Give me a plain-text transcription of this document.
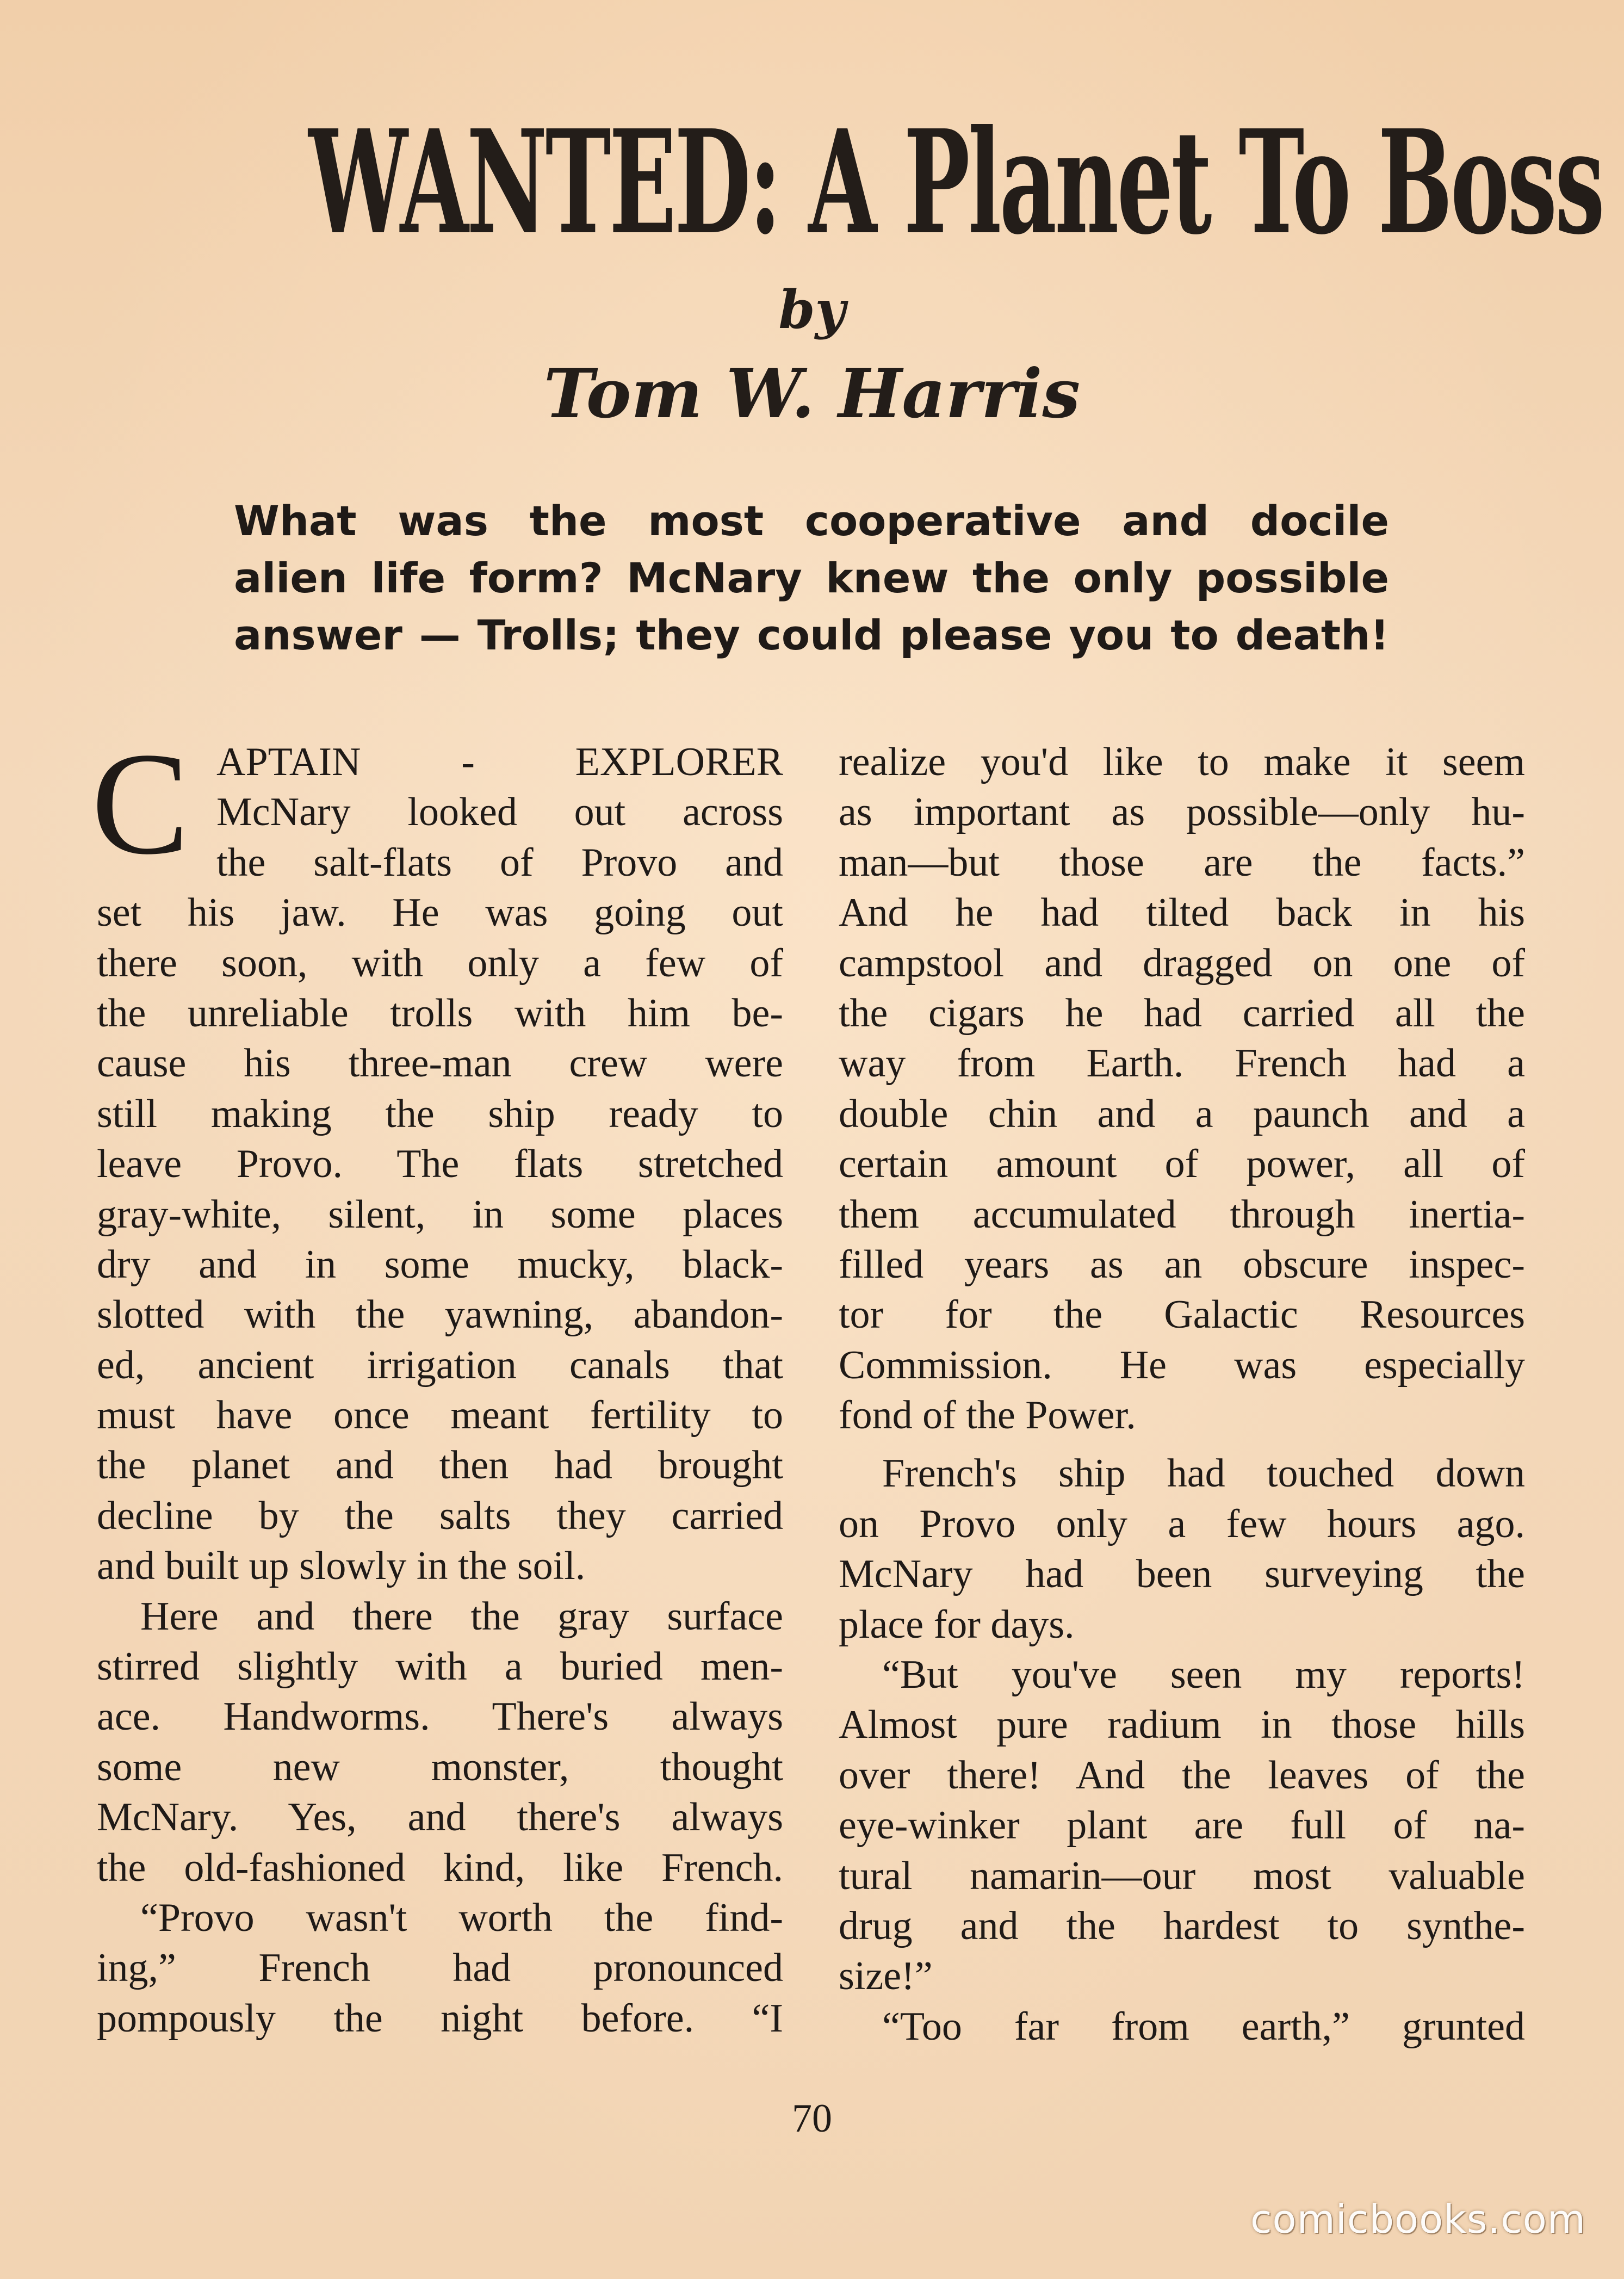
WANTED: A Planet To Boss
by
Tom W. Harris
What was the most cooperative and docile
alien life form? McNary knew the only possible
answer — Trolls; they could please you to death!
C APTAIN - EXPLORER
McNary looked out across
the salt-flats of Provo and
set his jaw. He was going out
there soon, with only a few of
the unreliable trolls with him be-
cause his three-man crew were
still making the ship ready to
leave Provo. The flats stretched
gray-white, silent, in some places
dry and in some mucky, black-
slotted with the yawning, abandon-
ed, ancient irrigation canals that
must have once meant fertility to
the planet and then had brought
decline by the salts they carried
and built up slowly in the soil.
Here and there the gray surface
stirred slightly with a buried men-
ace. Handworms. There's always
some new monster, thought
McNary. Yes, and there's always
the old-fashioned kind, like French.
“Provo wasn't worth the find-
ing,” French had pronounced
pompously the night before. “I
realize you'd like to make it seem
as important as possible—only hu-
man—but those are the facts.”
And he had tilted back in his
campstool and dragged on one of
the cigars he had carried all the
way from Earth. French had a
double chin and a paunch and a
certain amount of power, all of
them accumulated through inertia-
filled years as an obscure inspec-
tor for the Galactic Resources
Commission. He was especially
fond of the Power.
French's ship had touched down
on Provo only a few hours ago.
McNary had been surveying the
place for days.
“But you've seen my reports!
Almost pure radium in those hills
over there! And the leaves of the
eye-winker plant are full of na-
tural namarin—our most valuable
drug and the hardest to synthe-
size!”
“Too far from earth,” grunted
70
comicbooks.com
